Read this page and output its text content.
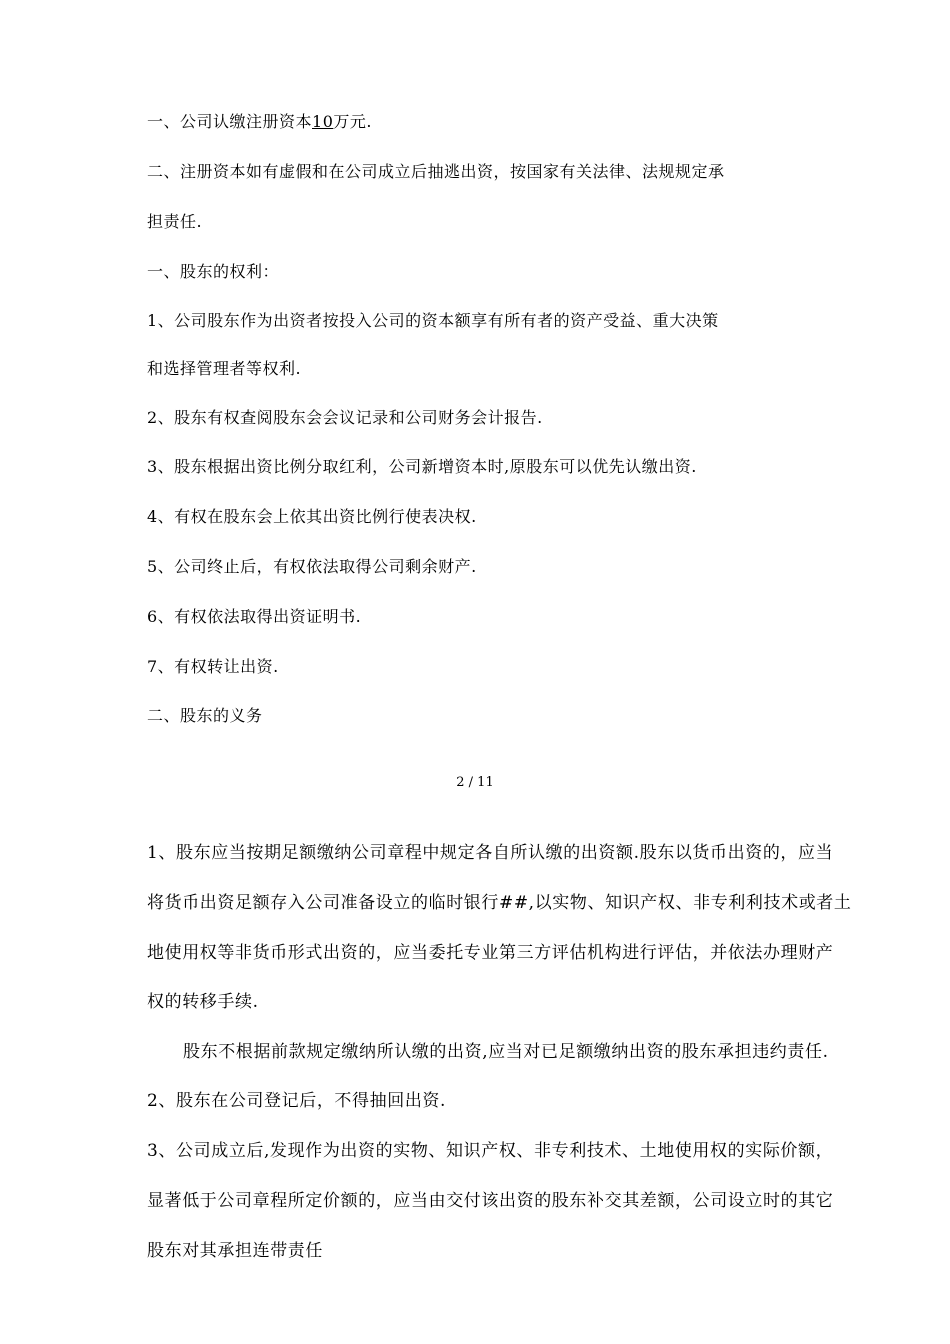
一、公司认缴注册资本10万元.
二、注册资本如有虚假和在公司成立后抽逃出资，按国家有关法律、法规规定承
担责任.
一、股东的权利：
1、公司股东作为出资者按投入公司的资本额享有所有者的资产受益、重大决策
和选择管理者等权利.
2、股东有权查阅股东会会议记录和公司财务会计报告.
3、股东根据出资比例分取红利，公司新增资本时,原股东可以优先认缴出资.
4、有权在股东会上依其出资比例行使表决权.
5、公司终止后，有权依法取得公司剩余财产.
6、有权依法取得出资证明书.
7、有权转让出资.
二、股东的义务
2 / 11
1、股东应当按期足额缴纳公司章程中规定各自所认缴的出资额.股东以货币出资的，应当
将货币出资足额存入公司准备设立的临时银行##,以实物、知识产权、非专利利技术或者土
地使用权等非货币形式出资的，应当委托专业第三方评估机构进行评估，并依法办理财产
权的转移手续.
股东不根据前款规定缴纳所认缴的出资,应当对已足额缴纳出资的股东承担违约责任.
2、股东在公司登记后，不得抽回出资.
3、公司成立后,发现作为出资的实物、知识产权、非专利技术、土地使用权的实际价额，
显著低于公司章程所定价额的，应当由交付该出资的股东补交其差额，公司设立时的其它
股东对其承担连带责任
